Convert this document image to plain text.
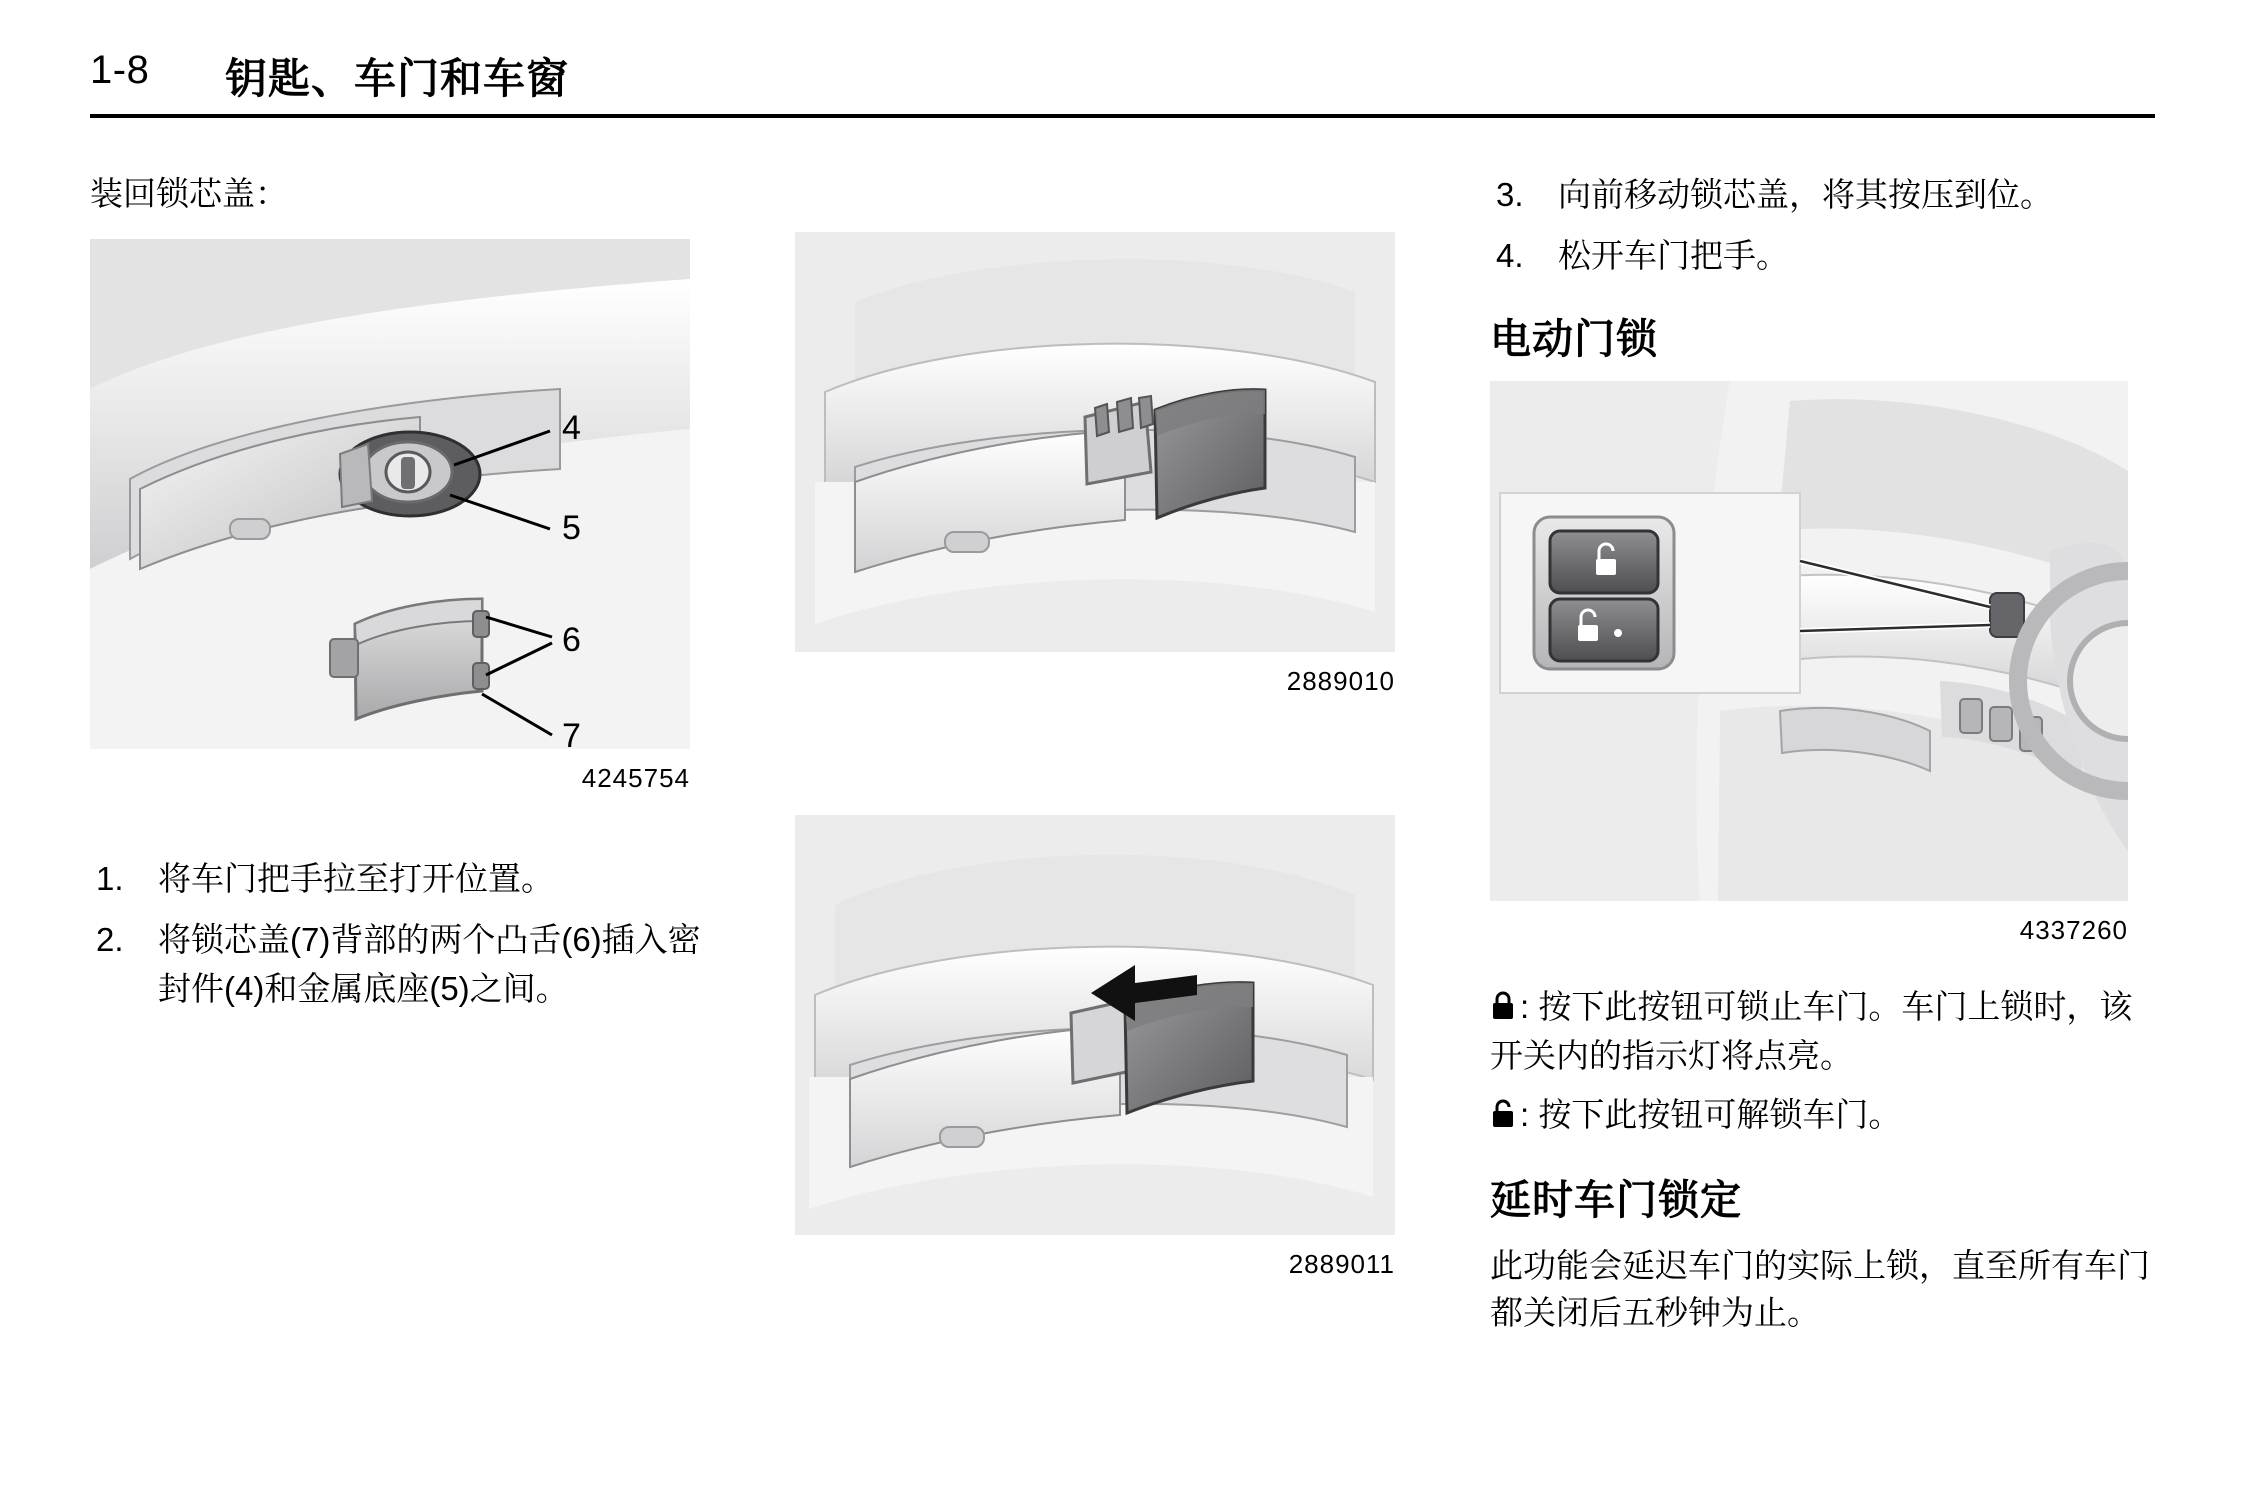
1-8 钥匙、车门和车窗
装回锁芯盖：
4
5
6
7
4245754
1. 将车门把手拉至打开位置。
2. 将锁芯盖(7)背部的两个凸舌(6)插入密封件(4)和金属底座(5)之间。
2889010
2889011
3. 向前移动锁芯盖，将其按压到位。
4. 松开车门把手。
电动门锁
4337260
: 按下此按钮可锁止车门。车门上锁时，该开关内的指示灯将点亮。
: 按下此按钮可解锁车门。
延时车门锁定
此功能会延迟车门的实际上锁，直至所有车门都关闭后五秒钟为止。
